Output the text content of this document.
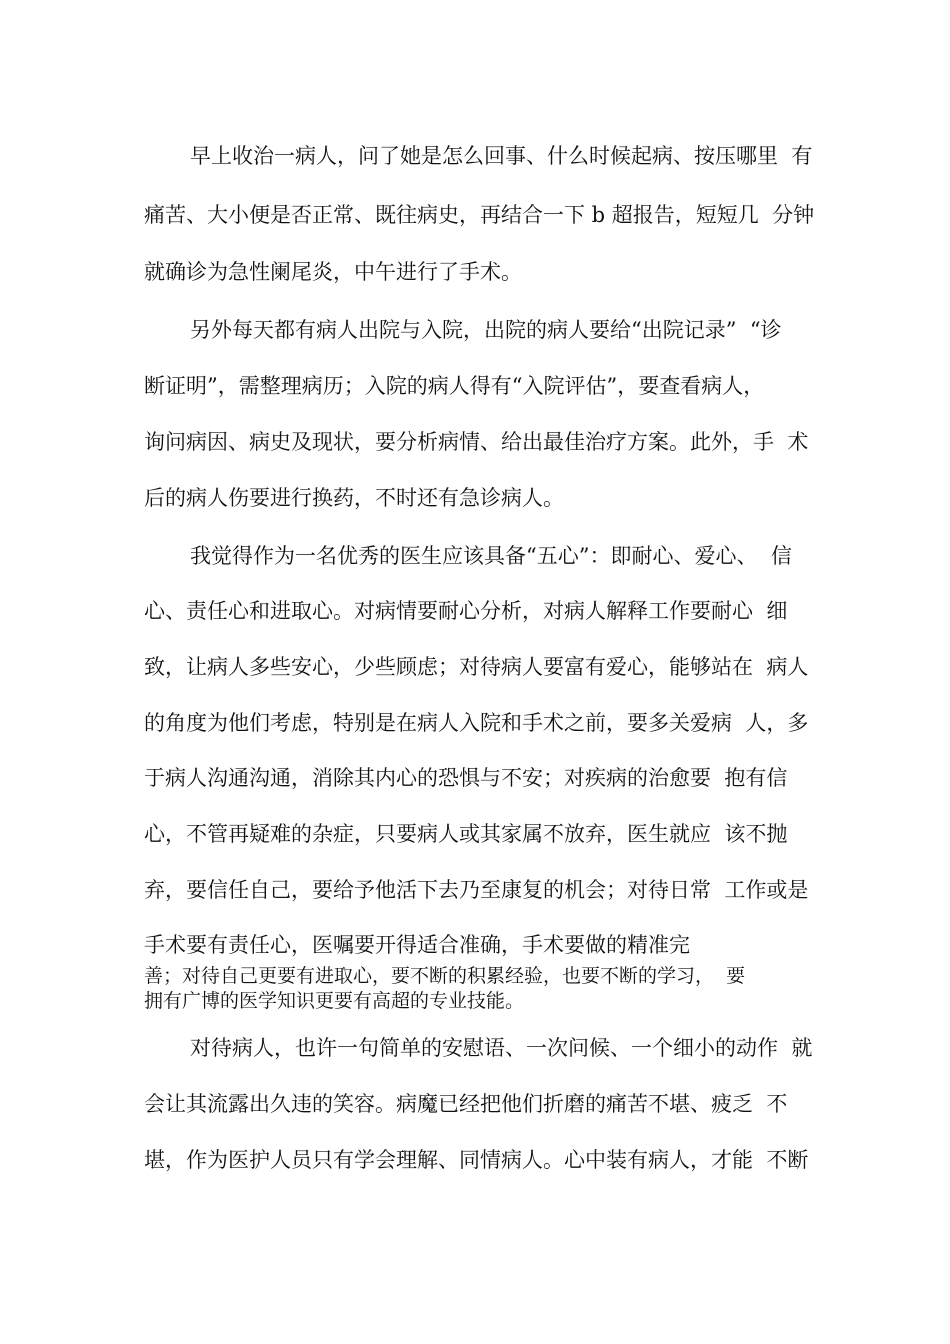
早上收治一病人，问了她是怎么回事、什么时候起病、按压哪里  有
痛苦、大小便是否正常、既往病史，再结合一下 b 超报告，短短几  分钟
就确诊为急性阑尾炎，中午进行了手术。
另外每天都有病人出院与入院，出院的病人要给“出院记录”  “诊
断证明”，需整理病历；入院的病人得有“入院评估”，要查看病人，
询问病因、病史及现状，要分析病情、给出最佳治疗方案。此外，手  术
后的病人伤要进行换药，不时还有急诊病人。
我觉得作为一名优秀的医生应该具备“五心”：即耐心、爱心、  信
心、责任心和进取心。对病情要耐心分析，对病人解释工作要耐心  细
致，让病人多些安心，少些顾虑；对待病人要富有爱心，能够站在  病人
的角度为他们考虑，特别是在病人入院和手术之前，要多关爱病  人，多
于病人沟通沟通，消除其内心的恐惧与不安；对疾病的治愈要  抱有信
心，不管再疑难的杂症，只要病人或其家属不放弃，医生就应  该不抛
弃，要信任自己，要给予他活下去乃至康复的机会；对待日常  工作或是
手术要有责任心，医嘱要开得适合准确，手术要做的精准完
善；对待自己更要有进取心，要不断的积累经验，也要不断的学习，  要
拥有广博的医学知识更要有高超的专业技能。
对待病人，也许一句简单的安慰语、一次问候、一个细小的动作  就
会让其流露出久违的笑容。病魔已经把他们折磨的痛苦不堪、疲乏  不
堪，作为医护人员只有学会理解、同情病人。心中装有病人，才能  不断
